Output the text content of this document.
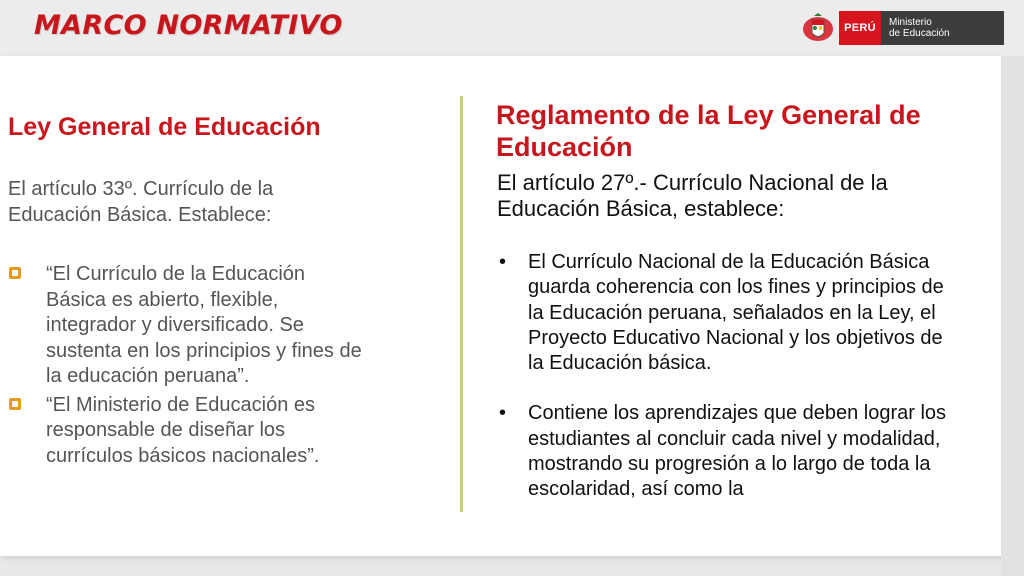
MARCO NORMATIVO	PERÚ	Ministerio
de Educación
Ley General de Educación
El artículo 33º. Currículo de la Educación Básica. Establece:
“El Currículo de la Educación Básica es abierto, flexible, integrador y diversificado. Se sustenta en los principios y fines de la educación peruana”.
“El Ministerio de Educación es responsable de diseñar los currículos básicos nacionales”.
Reglamento de la Ley General de Educación
El artículo 27º.- Currículo Nacional de la Educación Básica, establece:
• El Currículo Nacional de la Educación Básica guarda coherencia con los fines y principios de la Educación peruana, señalados en la Ley, el Proyecto Educativo Nacional y los objetivos de la Educación básica.
• Contiene los aprendizajes que deben lograr los estudiantes al concluir cada nivel y modalidad, mostrando su progresión a lo largo de toda la escolaridad, así como la
